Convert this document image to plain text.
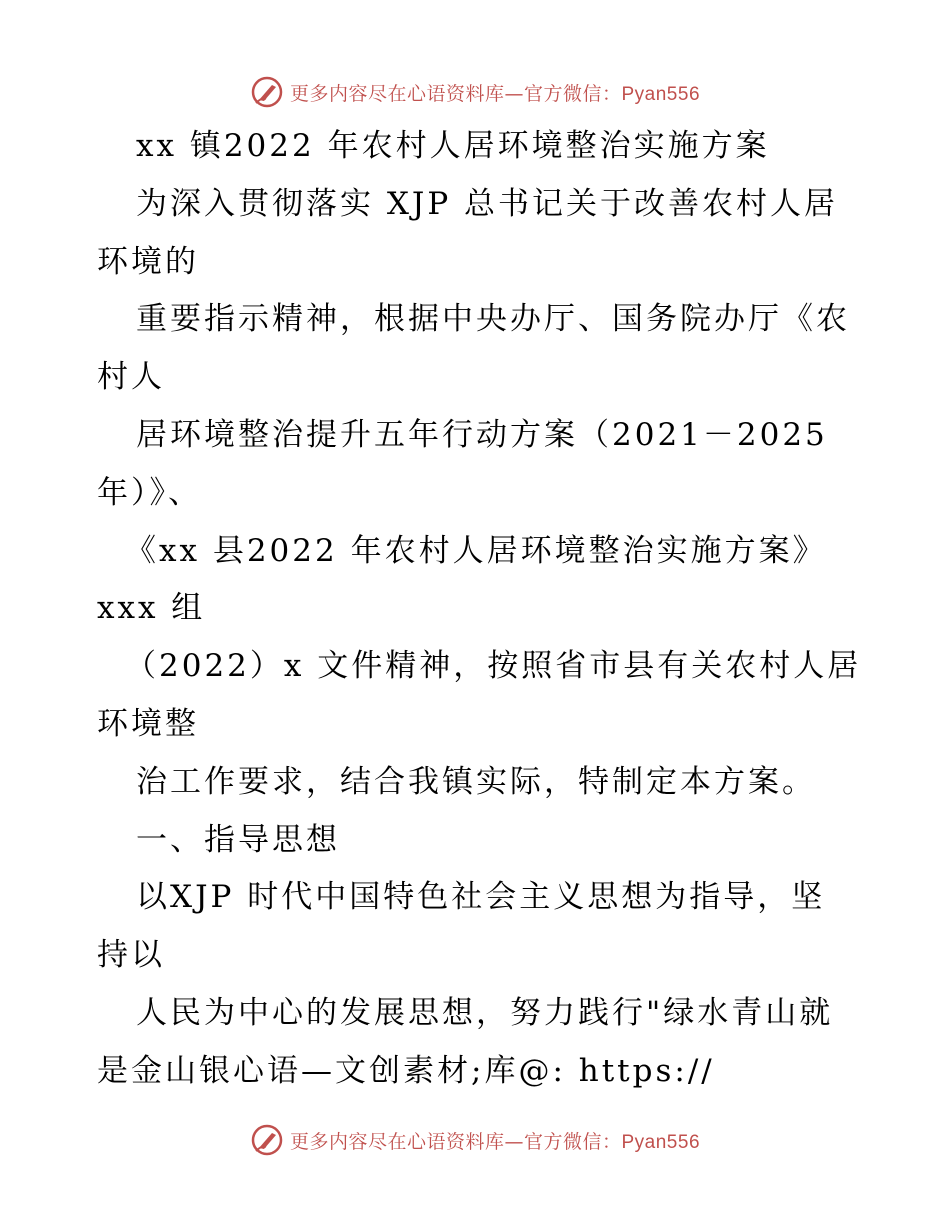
更多内容尽在心语资料库—官方微信：Pyan556
xx 镇2022 年农村人居环境整治实施方案
为深入贯彻落实 XJP 总书记关于改善农村人居
环境的
重要指示精神，根据中央办厅、国务院办厅《农
村人
居环境整治提升五年行动方案（2021－2025
年）》、
《xx 县2022 年农村人居环境整治实施方案》
xxx 组
（2022）x 文件精神，按照省市县有关农村人居
环境整
治工作要求，结合我镇实际，特制定本方案。
一、指导思想
以XJP 时代中国特色社会主义思想为指导，坚
持以
人民为中心的发展思想，努力践行"绿水青山就
是金山银心语—文创素材;库@: https://
更多内容尽在心语资料库—官方微信：Pyan556
